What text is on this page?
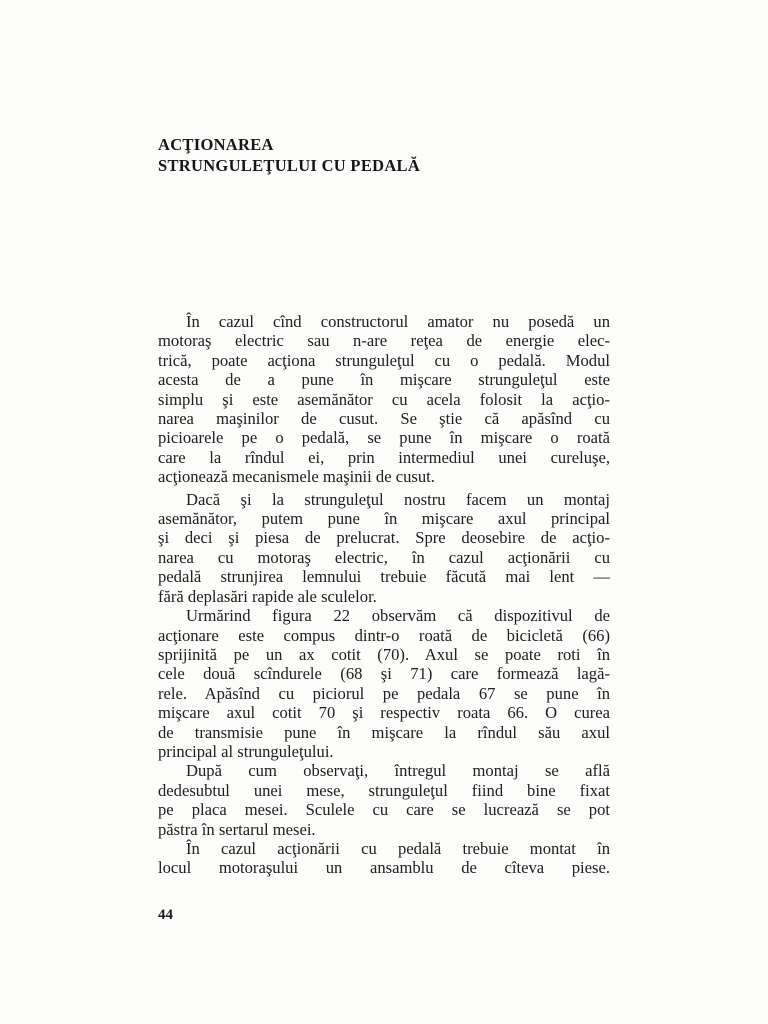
ACŢIONAREA
STRUNGULEŢULUI CU PEDALĂ
În cazul cînd constructorul amator nu posedă un
motoraş electric sau n-are reţea de energie elec-
trică, poate acţiona strunguleţul cu o pedală. Modul
acesta de a pune în mişcare strunguleţul este
simplu şi este asemănător cu acela folosit la acţio-
narea maşinilor de cusut. Se ştie că apăsînd cu
picioarele pe o pedală, se pune în mişcare o roată
care la rîndul ei, prin intermediul unei cureluşe,
acţionează mecanismele maşinii de cusut.
Dacă şi la strunguleţul nostru facem un montaj
asemănător, putem pune în mişcare axul principal
şi deci şi piesa de prelucrat. Spre deosebire de acţio-
narea cu motoraş electric, în cazul acţionării cu
pedală strunjirea lemnului trebuie făcută mai lent —
fără deplasări rapide ale sculelor.
Urmărind figura 22 observăm că dispozitivul de
acţionare este compus dintr-o roată de bicicletă (66)
sprijinită pe un ax cotit (70). Axul se poate roti în
cele două scîndurele (68 şi 71) care formează lagă-
rele. Apăsînd cu piciorul pe pedala 67 se pune în
mişcare axul cotit 70 şi respectiv roata 66. O curea
de transmisie pune în mişcare la rîndul său axul
principal al strunguleţului.
După cum observaţi, întregul montaj se află
dedesubtul unei mese, strunguleţul fiind bine fixat
pe placa mesei. Sculele cu care se lucrează se pot
păstra în sertarul mesei.
În cazul acţionării cu pedală trebuie montat în
locul motoraşului un ansamblu de cîteva piese.
44
